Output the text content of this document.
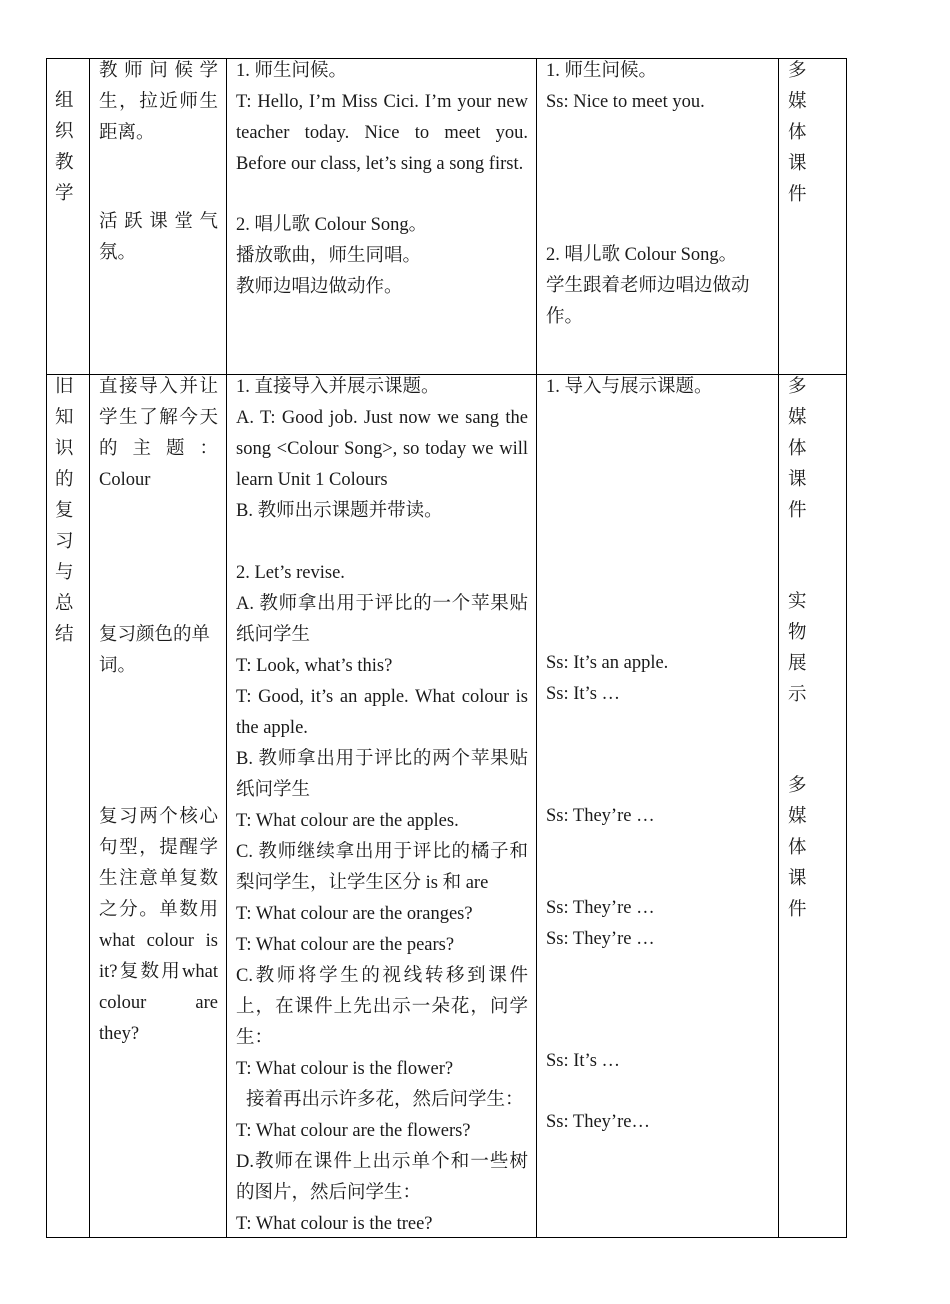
组织教学

教师问候学生，拉近师生距离。

活跃课堂气氛。

1. 师生问候。

T: Hello, I’m Miss Cici. I’m your new teacher today. Nice to meet you. Before our class, let’s sing a song first.

2. 唱儿歌 Colour Song。

播放歌曲，师生同唱。

教师边唱边做动作。

1. 师生问候。

Ss: Nice to meet you.

2. 唱儿歌 Colour Song。

学生跟着老师边唱边做动作。

多媒体课件

旧知识的复习与总结

直接导入并让学生了解今天的主题：Colour

复习颜色的单词。

复习两个核心句型，提醒学生注意单复数之分。单数用what colour is it?复数用what colour are they?

1. 直接导入并展示课题。

A. T: Good job. Just now we sang the song <Colour Song>, so today we will learn Unit 1 Colours

B. 教师出示课题并带读。

2. Let’s revise.

A. 教师拿出用于评比的一个苹果贴纸问学生

T: Look, what’s this?

T: Good, it’s an apple. What colour is the apple.

B. 教师拿出用于评比的两个苹果贴纸问学生

T: What colour are the apples.

C. 教师继续拿出用于评比的橘子和梨问学生，让学生区分 is 和 are

T: What colour are the oranges?

T: What colour are the pears?

C.教师将学生的视线转移到课件上，在课件上先出示一朵花，问学生：

T: What colour is the flower?

接着再出示许多花，然后问学生：

T: What colour are the flowers?

D.教师在课件上出示单个和一些树的图片，然后问学生：

T: What colour is the tree?

1. 导入与展示课题。

Ss: It’s an apple.

Ss: It’s …

Ss: They’re …

Ss: They’re …

Ss: They’re …

Ss: It’s …

Ss: They’re…

多媒体课件

实物展示

多媒体课件
